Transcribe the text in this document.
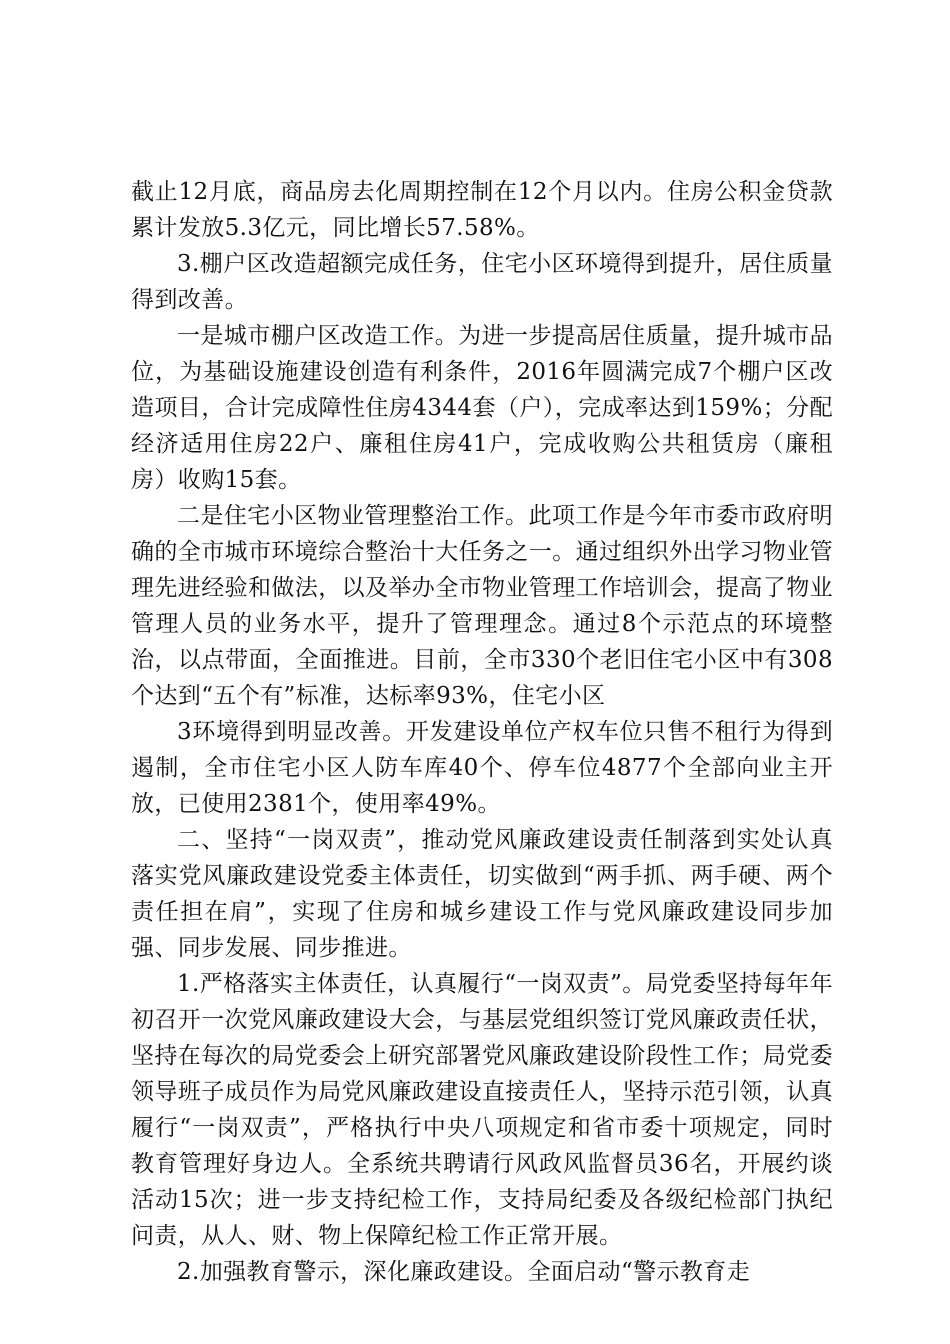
截止12月底，商品房去化周期控制在12个月以内。住房公积金贷款累计发放5.3亿元，同比增长57.58%。

3.棚户区改造超额完成任务，住宅小区环境得到提升，居住质量得到改善。

一是城市棚户区改造工作。为进一步提高居住质量，提升城市品位，为基础设施建设创造有利条件，2016年圆满完成7个棚户区改造项目，合计完成障性住房4344套（户），完成率达到159%；分配经济适用住房22户、廉租住房41户，完成收购公共租赁房（廉租房）收购15套。

二是住宅小区物业管理整治工作。此项工作是今年市委市政府明确的全市城市环境综合整治十大任务之一。通过组织外出学习物业管理先进经验和做法，以及举办全市物业管理工作培训会，提高了物业管理人员的业务水平，提升了管理理念。通过8个示范点的环境整治，以点带面，全面推进。目前，全市330个老旧住宅小区中有308个达到“五个有”标准，达标率93%，住宅小区

3环境得到明显改善。开发建设单位产权车位只售不租行为得到遏制，全市住宅小区人防车库40个、停车位4877个全部向业主开放，已使用2381个，使用率49%。

二、坚持“一岗双责”，推动党风廉政建设责任制落到实处认真落实党风廉政建设党委主体责任，切实做到“两手抓、两手硬、两个责任担在肩”，实现了住房和城乡建设工作与党风廉政建设同步加强、同步发展、同步推进。

1.严格落实主体责任，认真履行“一岗双责”。局党委坚持每年年初召开一次党风廉政建设大会，与基层党组织签订党风廉政责任状，坚持在每次的局党委会上研究部署党风廉政建设阶段性工作；局党委领导班子成员作为局党风廉政建设直接责任人，坚持示范引领，认真履行“一岗双责”，严格执行中央八项规定和省市委十项规定，同时教育管理好身边人。全系统共聘请行风政风监督员36名，开展约谈活动15次；进一步支持纪检工作，支持局纪委及各级纪检部门执纪问责，从人、财、物上保障纪检工作正常开展。

2.加强教育警示，深化廉政建设。全面启动“警示教育走
